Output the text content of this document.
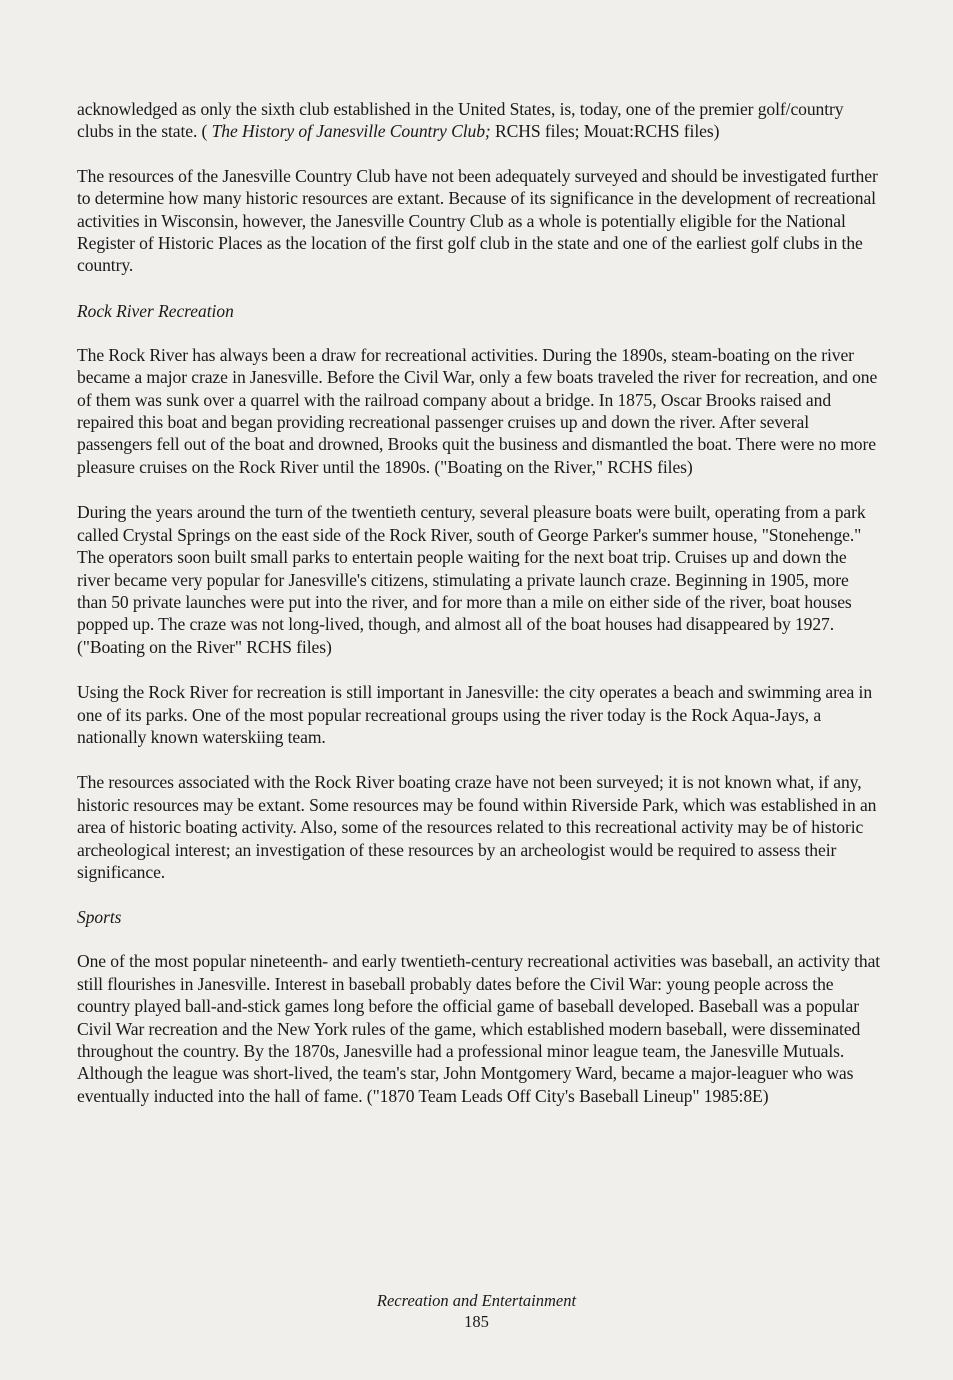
acknowledged as only the sixth club established in the United States, is, today, one of the premier golf/country clubs in the state. ( The History of Janesville Country Club; RCHS files; Mouat:RCHS files)

The resources of the Janesville Country Club have not been adequately surveyed and should be investigated further to determine how many historic resources are extant. Because of its significance in the development of recreational activities in Wisconsin, however, the Janesville Country Club as a whole is potentially eligible for the National Register of Historic Places as the location of the first golf club in the state and one of the earliest golf clubs in the country.

Rock River Recreation

The Rock River has always been a draw for recreational activities. During the 1890s, steam-boating on the river became a major craze in Janesville. Before the Civil War, only a few boats traveled the river for recreation, and one of them was sunk over a quarrel with the railroad company about a bridge. In 1875, Oscar Brooks raised and repaired this boat and began providing recreational passenger cruises up and down the river. After several passengers fell out of the boat and drowned, Brooks quit the business and dismantled the boat. There were no more pleasure cruises on the Rock River until the 1890s. ("Boating on the River," RCHS files)

During the years around the turn of the twentieth century, several pleasure boats were built, operating from a park called Crystal Springs on the east side of the Rock River, south of George Parker's summer house, "Stonehenge." The operators soon built small parks to entertain people waiting for the next boat trip. Cruises up and down the river became very popular for Janesville's citizens, stimulating a private launch craze. Beginning in 1905, more than 50 private launches were put into the river, and for more than a mile on either side of the river, boat houses popped up. The craze was not long-lived, though, and almost all of the boat houses had disappeared by 1927. ("Boating on the River" RCHS files)

Using the Rock River for recreation is still important in Janesville: the city operates a beach and swimming area in one of its parks. One of the most popular recreational groups using the river today is the Rock Aqua-Jays, a nationally known waterskiing team.

The resources associated with the Rock River boating craze have not been surveyed; it is not known what, if any, historic resources may be extant. Some resources may be found within Riverside Park, which was established in an area of historic boating activity. Also, some of the resources related to this recreational activity may be of historic archeological interest; an investigation of these resources by an archeologist would be required to assess their significance.

Sports

One of the most popular nineteenth- and early twentieth-century recreational activities was baseball, an activity that still flourishes in Janesville. Interest in baseball probably dates before the Civil War: young people across the country played ball-and-stick games long before the official game of baseball developed. Baseball was a popular Civil War recreation and the New York rules of the game, which established modern baseball, were disseminated throughout the country. By the 1870s, Janesville had a professional minor league team, the Janesville Mutuals. Although the league was short-lived, the team's star, John Montgomery Ward, became a major-leaguer who was eventually inducted into the hall of fame. ("1870 Team Leads Off City's Baseball Lineup" 1985:8E)

Recreation and Entertainment
185
